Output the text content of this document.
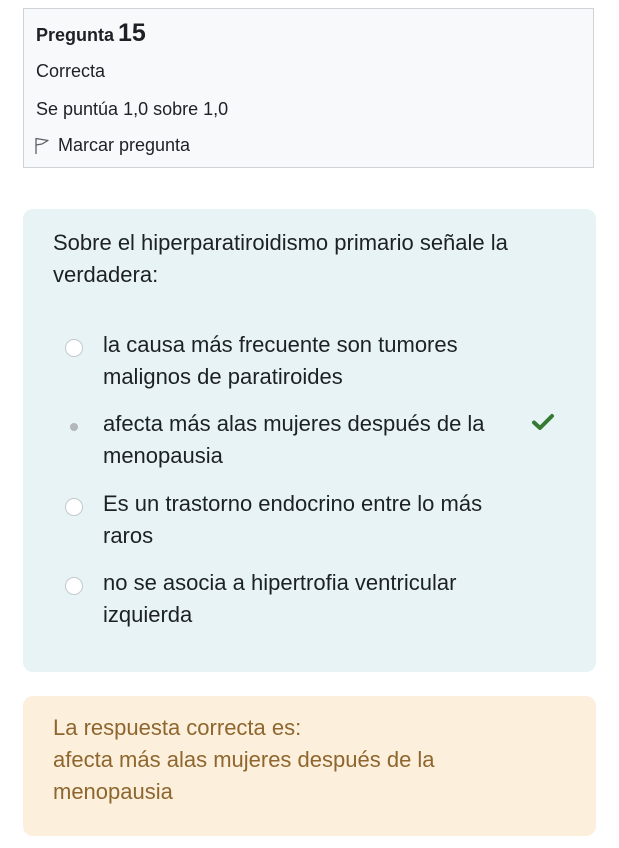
Pregunta 15
Correcta
Se puntúa 1,0 sobre 1,0
Marcar pregunta
Sobre el hiperparatiroidismo primario señale la verdadera:
la causa más frecuente son tumores malignos de paratiroides
afecta más alas mujeres después de la menopausia
Es un trastorno endocrino entre lo más raros
no se asocia a hipertrofia ventricular izquierda
La respuesta correcta es:
afecta más alas mujeres después de la menopausia
